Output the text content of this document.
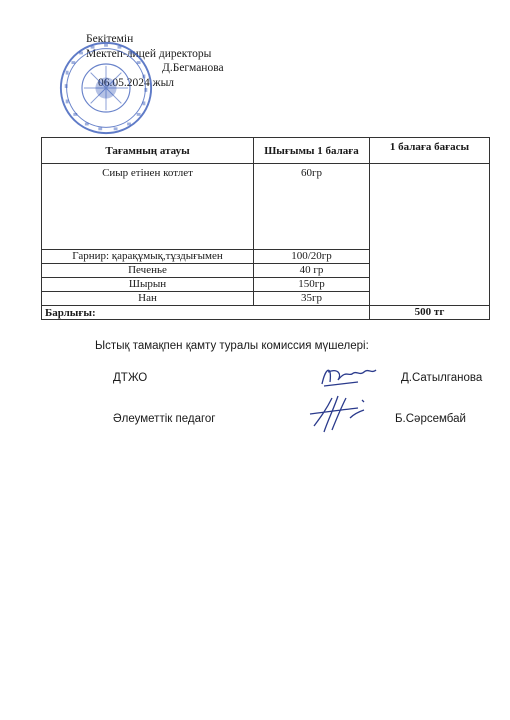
Бекітемін
Мектеп-лицей директоры
Д.Бегманова
06.05.2024 жыл
Тағамның атауы	Шығымы 1 балаға	1 балаға бағасы
Сиыр етінен котлет	60гр	
Гарнир: қарақұмық,тұздығымен	100/20гр	
Печенье	40 гр	
Шырын	150гр	
Нан	35гр	
Барлығы:		500 тг
Ыстық тамақпен қамту туралы комиссия мүшелері:
ДТЖО	Д.Сатылганова
Әлеуметтік педагог	Б.Сәрсембай
